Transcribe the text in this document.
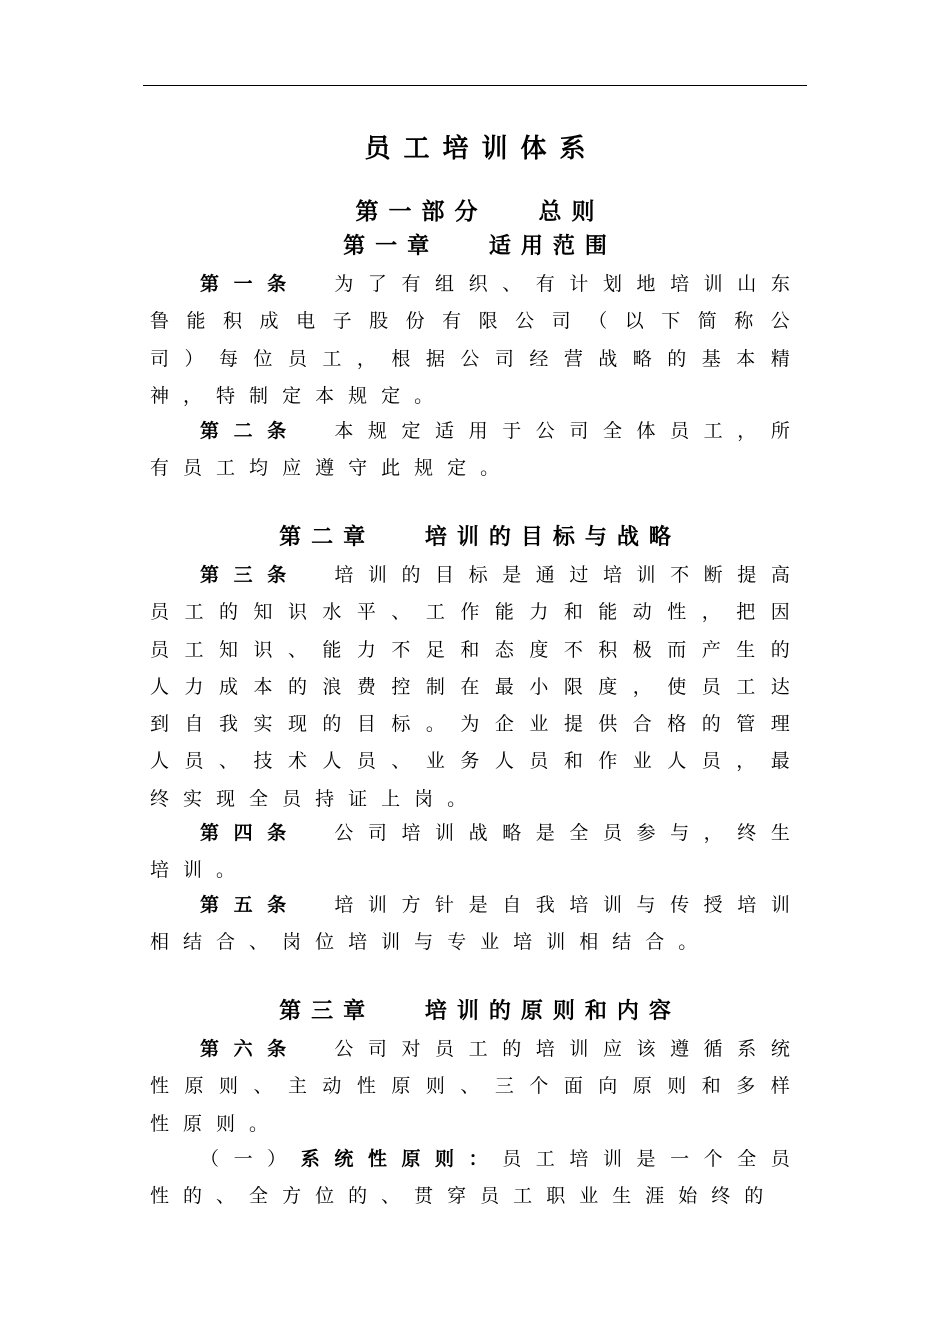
员工培训体系
第一部分　 总则
第一章　 适用范围
第 一 条
　	为 了 有 组 织 、 有 计 划 地 培 训 山 东
鲁 能 积 成 电 子 股 份 有 限 公 司 （ 以 下 简 称 公
司 ） 每 位 员 工 ， 根 据 公 司 经 营 战 略 的 基 本 精
神 ， 特 制 定 本 规 定 。
第 二 条
　	本 规 定 适 用 于 公 司 全 体 员 工 ， 所
有 员 工 均 应 遵 守 此 规 定 。
第二章　 培训的目标与战略
第 三 条
　	培 训 的 目 标 是 通 过 培 训 不 断 提 高
员 工 的 知 识 水 平 、 工 作 能 力 和 能 动 性 ， 把 因
员 工 知 识 、 能 力 不 足 和 态 度 不 积 极 而 产 生 的
人 力 成 本 的 浪 费 控 制 在 最 小 限 度 ， 使 员 工 达
到 自 我 实 现 的 目 标 。 为 企 业 提 供 合 格 的 管 理
人 员 、 技 术 人 员 、 业 务 人 员 和 作 业 人 员 ， 最
终 实 现 全 员 持 证 上 岗 。
第 四 条
　	公 司 培 训 战 略 是 全 员 参 与 ， 终 生
培 训 。
第 五 条
　	培 训 方 针 是 自 我 培 训 与 传 授 培 训
相 结 合 、 岗 位 培 训 与 专 业 培 训 相 结 合 。
第三章　 培训的原则和内容
第 六 条
　	公 司 对 员 工 的 培 训 应 该 遵 循 系 统
性 原 则 、 主 动 性 原 则 、 三 个 面 向 原 则 和 多 样
性 原 则 。
（ 一 ） 系 统 性 原 则 ： 员 工 培 训 是 一 个 全 员
性 的 、 全 方 位 的 、 贯 穿 员 工 职 业 生 涯 始 终 的
